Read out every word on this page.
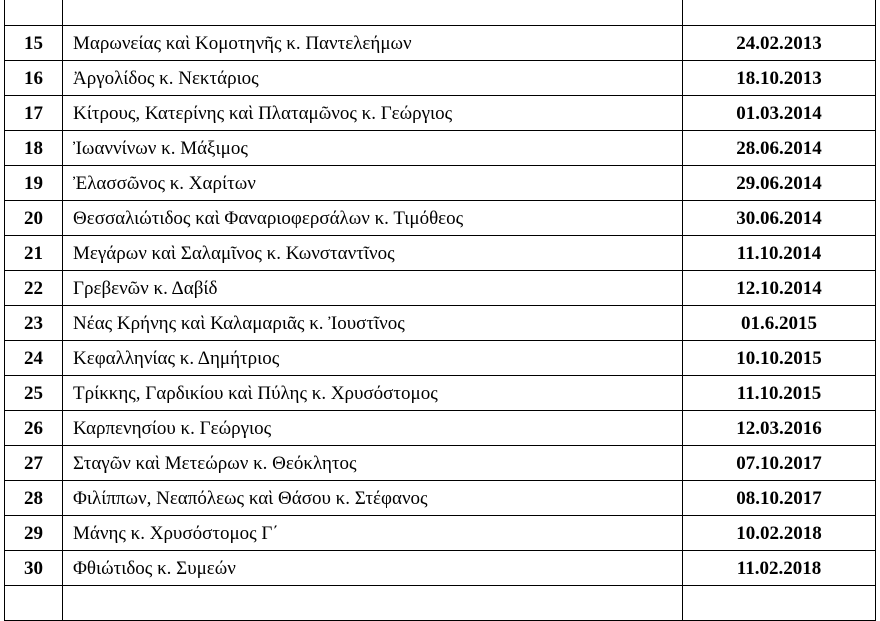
15	Μαρωνείας καὶ Κομοτηνῆς κ. Παντελεήμων	24.02.2013
16	Ἀργολίδος κ. Νεκτάριος	18.10.2013
17	Κίτρους, Κατερίνης καὶ Πλαταμῶνος κ. Γεώργιος	01.03.2014
18	Ἰωαννίνων κ. Μάξιμος	28.06.2014
19	Ἐλασσῶνος κ. Χαρίτων	29.06.2014
20	Θεσσαλιώτιδος καὶ Φαναριοφερσάλων κ. Τιμόθεος	30.06.2014
21	Μεγάρων καὶ Σαλαμῖνος κ. Κωνσταντῖνος	11.10.2014
22	Γρεβενῶν κ. Δαβίδ	12.10.2014
23	Νέας Κρήνης καὶ Καλαμαριᾶς κ. Ἰουστῖνος	01.6.2015
24	Κεφαλληνίας κ. Δημήτριος	10.10.2015
25	Τρίκκης, Γαρδικίου καὶ Πύλης κ. Χρυσόστομος	11.10.2015
26	Καρπενησίου κ. Γεώργιος	12.03.2016
27	Σταγῶν καὶ Μετεώρων κ. Θεόκλητος	07.10.2017
28	Φιλίππων, Νεαπόλεως καὶ Θάσου κ. Στέφανος	08.10.2017
29	Μάνης κ. Χρυσόστομος Γ΄	10.02.2018
30	Φθιώτιδος κ. Συμεών	11.02.2018
